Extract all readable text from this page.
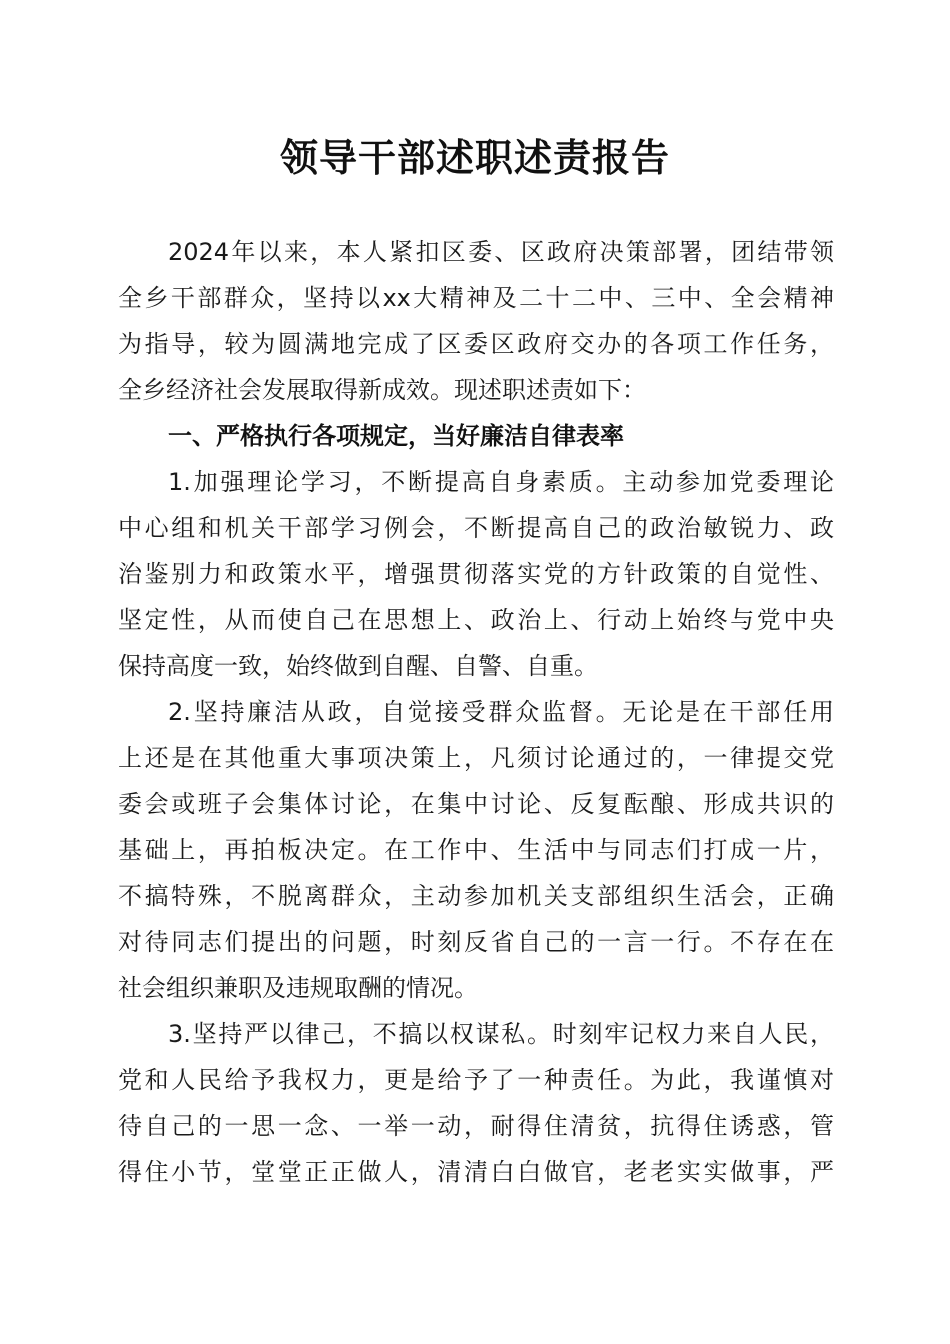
领导干部述职述责报告
2024年以来，本人紧扣区委、区政府决策部署，团结带领
全乡干部群众，坚持以xx大精神及二十二中、三中、全会精神
为指导，较为圆满地完成了区委区政府交办的各项工作任务，
全乡经济社会发展取得新成效。现述职述责如下：
一、严格执行各项规定，当好廉洁自律表率
1.加强理论学习，不断提高自身素质。主动参加党委理论
中心组和机关干部学习例会，不断提高自己的政治敏锐力、政
治鉴别力和政策水平，增强贯彻落实党的方针政策的自觉性、
坚定性，从而使自己在思想上、政治上、行动上始终与党中央
保持高度一致，始终做到自醒、自警、自重。
2.坚持廉洁从政，自觉接受群众监督。无论是在干部任用
上还是在其他重大事项决策上，凡须讨论通过的，一律提交党
委会或班子会集体讨论，在集中讨论、反复酝酿、形成共识的
基础上，再拍板决定。在工作中、生活中与同志们打成一片，
不搞特殊，不脱离群众，主动参加机关支部组织生活会，正确
对待同志们提出的问题，时刻反省自己的一言一行。不存在在
社会组织兼职及违规取酬的情况。
3.坚持严以律己，不搞以权谋私。时刻牢记权力来自人民，
党和人民给予我权力，更是给予了一种责任。为此，我谨慎对
待自己的一思一念、一举一动，耐得住清贫，抗得住诱惑，管
得住小节，堂堂正正做人，清清白白做官，老老实实做事，严
